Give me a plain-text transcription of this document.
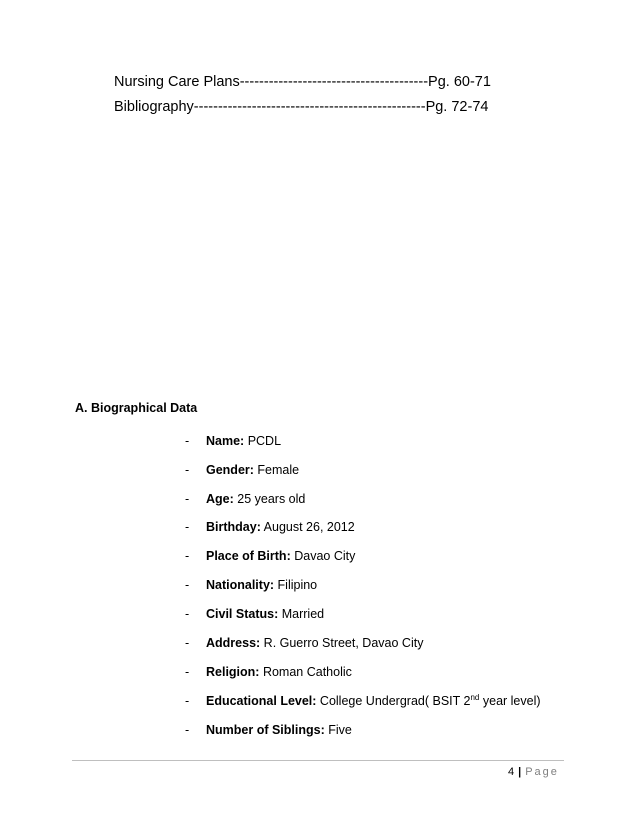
Nursing Care Plans---------------------------------------Pg. 60-71
Bibliography------------------------------------------------Pg. 72-74
A. Biographical Data
- Name: PCDL
- Gender: Female
- Age: 25 years old
- Birthday: August 26, 2012
- Place of Birth: Davao City
- Nationality: Filipino
- Civil Status: Married
- Address: R. Guerro Street, Davao City
- Religion: Roman Catholic
- Educational Level: College Undergrad( BSIT 2nd year level)
- Number of Siblings: Five
4 | Page
